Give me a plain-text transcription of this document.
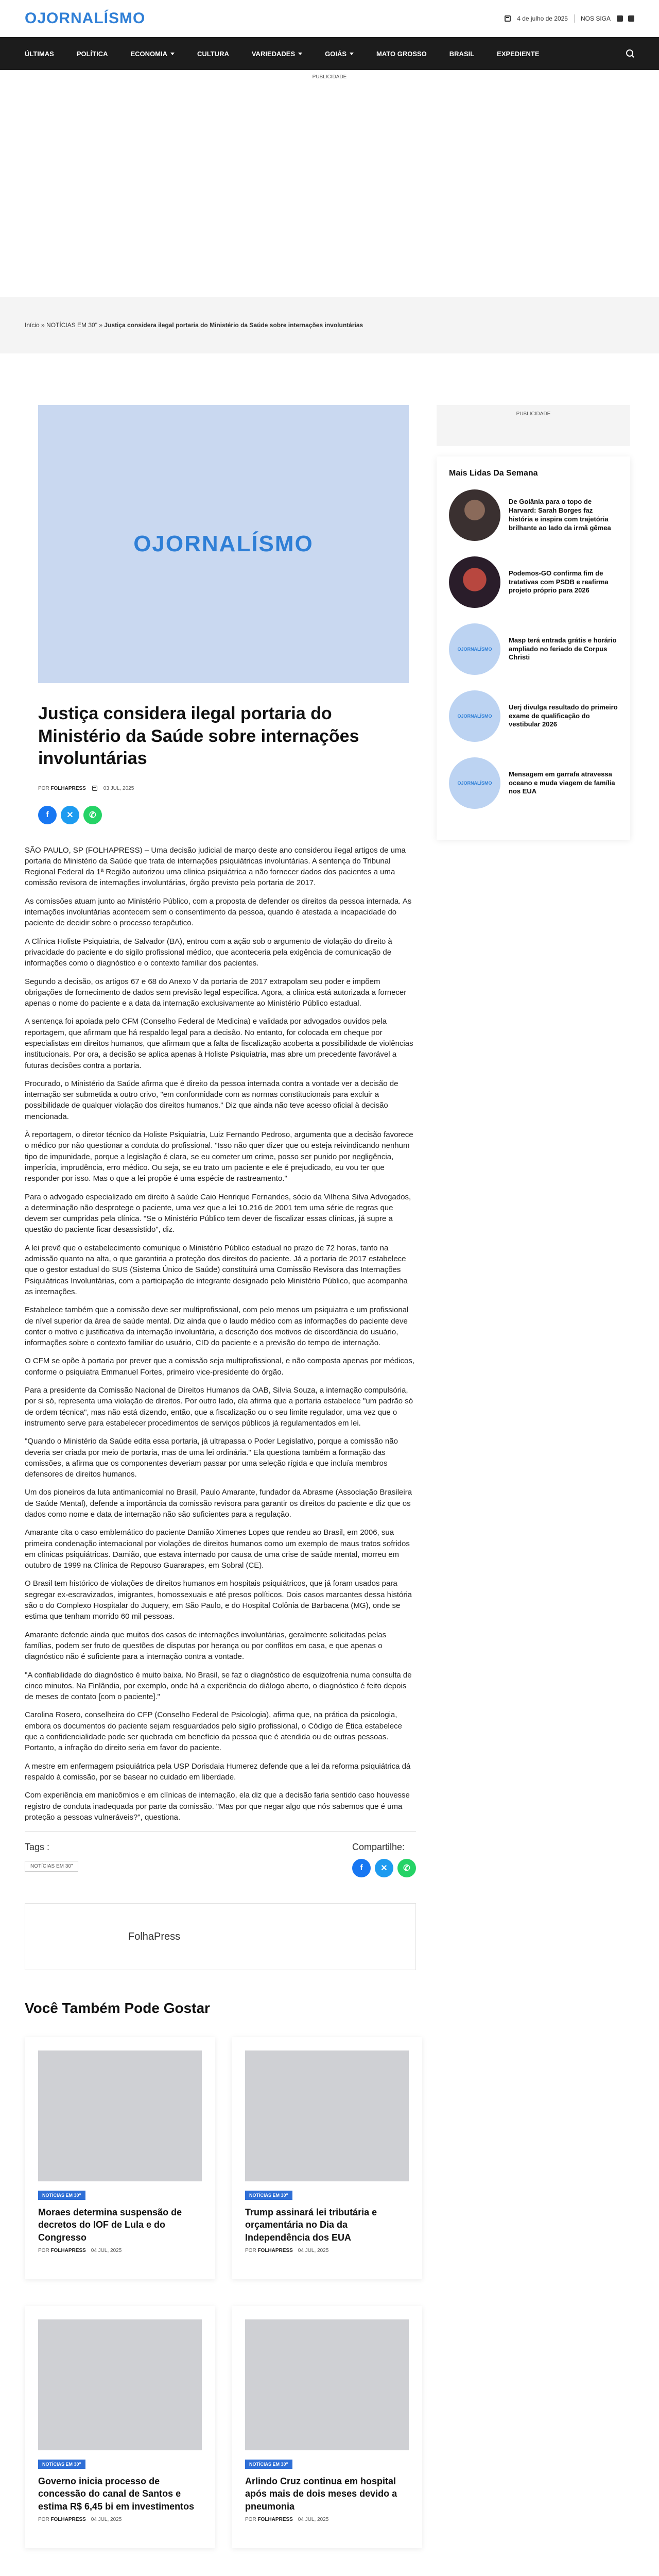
OJORNALÍSMO	4 de julho de 2025 NOS SIGA
ÚLTIMAS	POLÍTICA	ECONOMIA	CULTURA	VARIEDADES	GOIÁS	MATO GROSSO	BRASIL	EXPEDIENTE
PUBLICIDADE
Início » NOTÍCIAS EM 30" » Justiça considera ilegal portaria do Ministério da Saúde sobre internações involuntárias
OJORNALÍSMO
Justiça considera ilegal portaria do Ministério da Saúde sobre internações involuntárias
POR FOLHAPRESS	03 JUL, 2025
f	✕	✆

SÃO PAULO, SP (FOLHAPRESS) – Uma decisão judicial de março deste ano considerou ilegal artigos de uma portaria do Ministério da Saúde que trata de internações psiquiátricas involuntárias. A sentença do Tribunal Regional Federal da 1ª Região autorizou uma clínica psiquiátrica a não fornecer dados dos pacientes a uma comissão revisora de internações involuntárias, órgão previsto pela portaria de 2017.

As comissões atuam junto ao Ministério Público, com a proposta de defender os direitos da pessoa internada. As internações involuntárias acontecem sem o consentimento da pessoa, quando é atestada a incapacidade do paciente de decidir sobre o processo terapêutico.

A Clínica Holiste Psiquiatria, de Salvador (BA), entrou com a ação sob o argumento de violação do direito à privacidade do paciente e do sigilo profissional médico, que aconteceria pela exigência de comunicação de informações como o diagnóstico e o contexto familiar dos pacientes.

Segundo a decisão, os artigos 67 e 68 do Anexo V da portaria de 2017 extrapolam seu poder e impõem obrigações de fornecimento de dados sem previsão legal específica. Agora, a clínica está autorizada a fornecer apenas o nome do paciente e a data da internação exclusivamente ao Ministério Público estadual.

A sentença foi apoiada pelo CFM (Conselho Federal de Medicina) e validada por advogados ouvidos pela reportagem, que afirmam que há respaldo legal para a decisão. No entanto, for colocada em cheque por especialistas em direitos humanos, que afirmam que a falta de fiscalização acoberta a possibilidade de violências institucionais. Por ora, a decisão se aplica apenas à Holiste Psiquiatria, mas abre um precedente favorável a futuras decisões contra a portaria.

Procurado, o Ministério da Saúde afirma que é direito da pessoa internada contra a vontade ver a decisão de internação ser submetida a outro crivo, "em conformidade com as normas constitucionais para excluir a possibilidade de qualquer violação dos direitos humanos." Diz que ainda não teve acesso oficial à decisão mencionada.

À reportagem, o diretor técnico da Holiste Psiquiatria, Luiz Fernando Pedroso, argumenta que a decisão favorece o médico por não questionar a conduta do profissional. "Isso não quer dizer que ou esteja reivindicando nenhum tipo de impunidade, porque a legislação é clara, se eu cometer um crime, posso ser punido por negligência, imperícia, imprudência, erro médico. Ou seja, se eu trato um paciente e ele é prejudicado, eu vou ter que responder por isso. Mas o que a lei propõe é uma espécie de rastreamento."

Para o advogado especializado em direito à saúde Caio Henrique Fernandes, sócio da Vilhena Silva Advogados, a determinação não desprotege o paciente, uma vez que a lei 10.216 de 2001 tem uma série de regras que devem ser cumpridas pela clínica. "Se o Ministério Público tem dever de fiscalizar essas clínicas, já supre a questão do paciente ficar desassistido", diz.

A lei prevê que o estabelecimento comunique o Ministério Público estadual no prazo de 72 horas, tanto na admissão quanto na alta, o que garantiria a proteção dos direitos do paciente. Já a portaria de 2017 estabelece que o gestor estadual do SUS (Sistema Único de Saúde) constituirá uma Comissão Revisora das Internações Psiquiátricas Involuntárias, com a participação de integrante designado pelo Ministério Público, que acompanha as internações.

Estabelece também que a comissão deve ser multiprofissional, com pelo menos um psiquiatra e um profissional de nível superior da área de saúde mental. Diz ainda que o laudo médico com as informações do paciente deve conter o motivo e justificativa da internação involuntária, a descrição dos motivos de discordância do usuário, informações sobre o contexto familiar do usuário, CID do paciente e a previsão do tempo de internação.

O CFM se opõe à portaria por prever que a comissão seja multiprofissional, e não composta apenas por médicos, conforme o psiquiatra Emmanuel Fortes, primeiro vice-presidente do órgão.

Para a presidente da Comissão Nacional de Direitos Humanos da OAB, Silvia Souza, a internação compulsória, por si só, representa uma violação de direitos. Por outro lado, ela afirma que a portaria estabelece "um padrão só de ordem técnica", mas não está dizendo, então, que a fiscalização ou o seu limite regulador, uma vez que o instrumento serve para estabelecer procedimentos de serviços públicos já regulamentados em lei.

"Quando o Ministério da Saúde edita essa portaria, já ultrapassa o Poder Legislativo, porque a comissão não deveria ser criada por meio de portaria, mas de uma lei ordinária." Ela questiona também a formação das comissões, a afirma que os componentes deveriam passar por uma seleção rígida e que incluía membros defensores de direitos humanos.

Um dos pioneiros da luta antimanicomial no Brasil, Paulo Amarante, fundador da Abrasme (Associação Brasileira de Saúde Mental), defende a importância da comissão revisora para garantir os direitos do paciente e diz que os dados como nome e data de internação não são suficientes para a regulação.

Amarante cita o caso emblemático do paciente Damião Ximenes Lopes que rendeu ao Brasil, em 2006, sua primeira condenação internacional por violações de direitos humanos como um exemplo de maus tratos sofridos em clínicas psiquiátricas. Damião, que estava internado por causa de uma crise de saúde mental, morreu em outubro de 1999 na Clínica de Repouso Guararapes, em Sobral (CE).

O Brasil tem histórico de violações de direitos humanos em hospitais psiquiátricos, que já foram usados para segregar ex-escravizados, imigrantes, homossexuais e até presos políticos. Dois casos marcantes dessa história são o do Complexo Hospitalar do Juquery, em São Paulo, e do Hospital Colônia de Barbacena (MG), onde se estima que tenham morrido 60 mil pessoas.

Amarante defende ainda que muitos dos casos de internações involuntárias, geralmente solicitadas pelas famílias, podem ser fruto de questões de disputas por herança ou por conflitos em casa, e que apenas o diagnóstico não é suficiente para a internação contra a vontade.

"A confiabilidade do diagnóstico é muito baixa. No Brasil, se faz o diagnóstico de esquizofrenia numa consulta de cinco minutos. Na Finlândia, por exemplo, onde há a experiência do diálogo aberto, o diagnóstico é feito depois de meses de contato [com o paciente]."

Carolina Rosero, conselheira do CFP (Conselho Federal de Psicologia), afirma que, na prática da psicologia, embora os documentos do paciente sejam resguardados pelo sigilo profissional, o Código de Ética estabelece que a confidencialidade pode ser quebrada em benefício da pessoa que é atendida ou de outras pessoas. Portanto, a infração do direito seria em favor do paciente.

A mestre em enfermagem psiquiátrica pela USP Dorisdaia Humerez defende que a lei da reforma psiquiátrica dá respaldo à comissão, por se basear no cuidado em liberdade.

Com experiência em manicômios e em clínicas de internação, ela diz que a decisão faria sentido caso houvesse registro de conduta inadequada por parte da comissão. "Mas por que negar algo que nós sabemos que é uma proteção a pessoas vulneráveis?", questiona.

Tags :
NOTÍCIAS EM 30"
Compartilhe:
f	✕	✆
FolhaPress
Você Também Pode Gostar
NOTÍCIAS EM 30"
Moraes determina suspensão de decretos do IOF de Lula e do Congresso
POR FOLHAPRESS 04 JUL, 2025
NOTÍCIAS EM 30"
Trump assinará lei tributária e orçamentária no Dia da Independência dos EUA
POR FOLHAPRESS 04 JUL, 2025
NOTÍCIAS EM 30"
Governo inicia processo de concessão do canal de Santos e estima R$ 6,45 bi em investimentos
POR FOLHAPRESS 04 JUL, 2025
NOTÍCIAS EM 30"
Arlindo Cruz continua em hospital após mais de dois meses devido a pneumonia
POR FOLHAPRESS 04 JUL, 2025
PUBLICIDADE
Mais Lidas Da Semana
De Goiânia para o topo de Harvard: Sarah Borges faz história e inspira com trajetória brilhante ao lado da irmã gêmea
Podemos-GO confirma fim de tratativas com PSDB e reafirma projeto próprio para 2026
OJORNALÍSMO
Masp terá entrada grátis e horário ampliado no feriado de Corpus Christi
OJORNALÍSMO
Uerj divulga resultado do primeiro exame de qualificação do vestibular 2026
OJORNALÍSMO
Mensagem em garrafa atravessa oceano e muda viagem de família nos EUA
